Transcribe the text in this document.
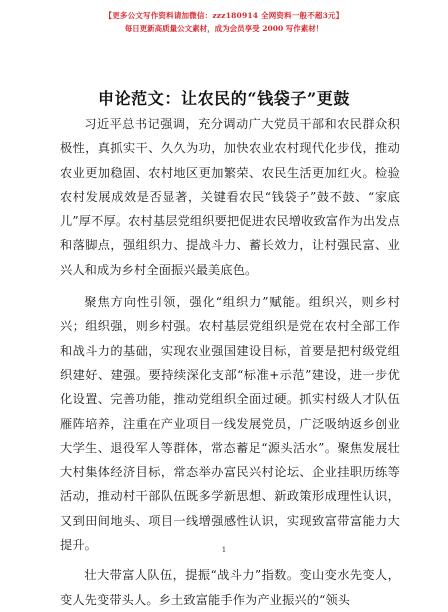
【更多公文写作资料请加微信：zzz180914 全网资料一般不超3元】
每日更新高质量公文素材，成为会员享受 2000 写作素材！
申论范文：让农民的“钱袋子”更鼓

习近平总书记强调，充分调动广大党员干部和农民群众积极性，真抓实干、久久为功，加快农业农村现代化步伐，推动农业更加稳固、农村地区更加繁荣、农民生活更加红火。检验农村发展成效是否显著，关键看农民“钱袋子”鼓不鼓、“家底儿”厚不厚。农村基层党组织要把促进农民增收致富作为出发点和落脚点，强组织力、提战斗力、蓄长效力，让村强民富、业兴人和成为乡村全面振兴最美底色。

聚焦方向性引领，强化“组织力”赋能。组织兴，则乡村兴；组织强，则乡村强。农村基层党组织是党在农村全部工作和战斗力的基础，实现农业强国建设目标，首要是把村级党组织建好、建强。要持续深化支部“标准+示范”建设，进一步优化设置、完善功能，推动党组织全面过硬。抓实村级人才队伍雁阵培养，注重在产业项目一线发展党员，广泛吸纳返乡创业大学生、退役军人等群体，常态蓄足“源头活水”。聚焦发展壮大村集体经济目标，常态举办富民兴村论坛、企业挂职历练等活动，推动村干部队伍既多学新思想、新政策形成理性认识，又到田间地头、项目一线增强感性认识，实现致富带富能力大提升。

壮大带富人队伍，提振“战斗力”指数。变山变水先变人，变人先变带头人。乡土致富能手作为产业振兴的“领头

1
